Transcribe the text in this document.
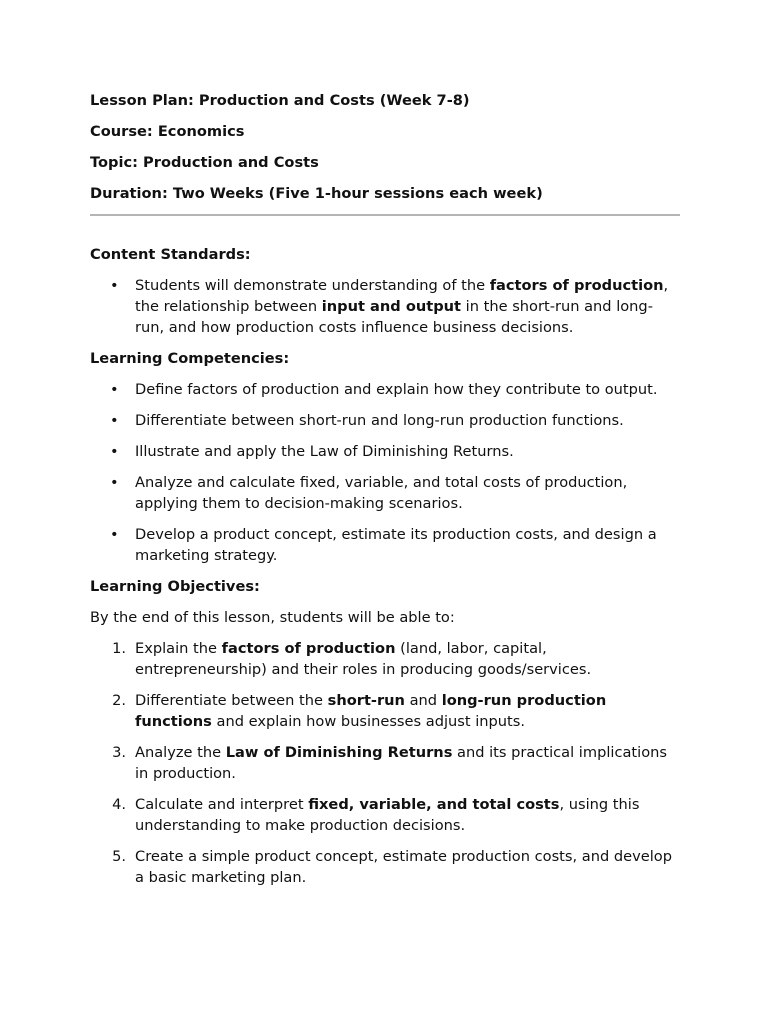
Lesson Plan: Production and Costs (Week 7-8)
Course: Economics
Topic: Production and Costs
Duration: Two Weeks (Five 1-hour sessions each week)
Content Standards:
• Students will demonstrate understanding of the factors of production, the relationship between input and output in the short-run and long-run, and how production costs influence business decisions.
Learning Competencies:
• Define factors of production and explain how they contribute to output.
• Differentiate between short-run and long-run production functions.
• Illustrate and apply the Law of Diminishing Returns.
• Analyze and calculate fixed, variable, and total costs of production, applying them to decision-making scenarios.
• Develop a product concept, estimate its production costs, and design a marketing strategy.
Learning Objectives:
By the end of this lesson, students will be able to:
1. Explain the factors of production (land, labor, capital, entrepreneurship) and their roles in producing goods/services.
2. Differentiate between the short-run and long-run production functions and explain how businesses adjust inputs.
3. Analyze the Law of Diminishing Returns and its practical implications in production.
4. Calculate and interpret fixed, variable, and total costs, using this understanding to make production decisions.
5. Create a simple product concept, estimate production costs, and develop a basic marketing plan.
